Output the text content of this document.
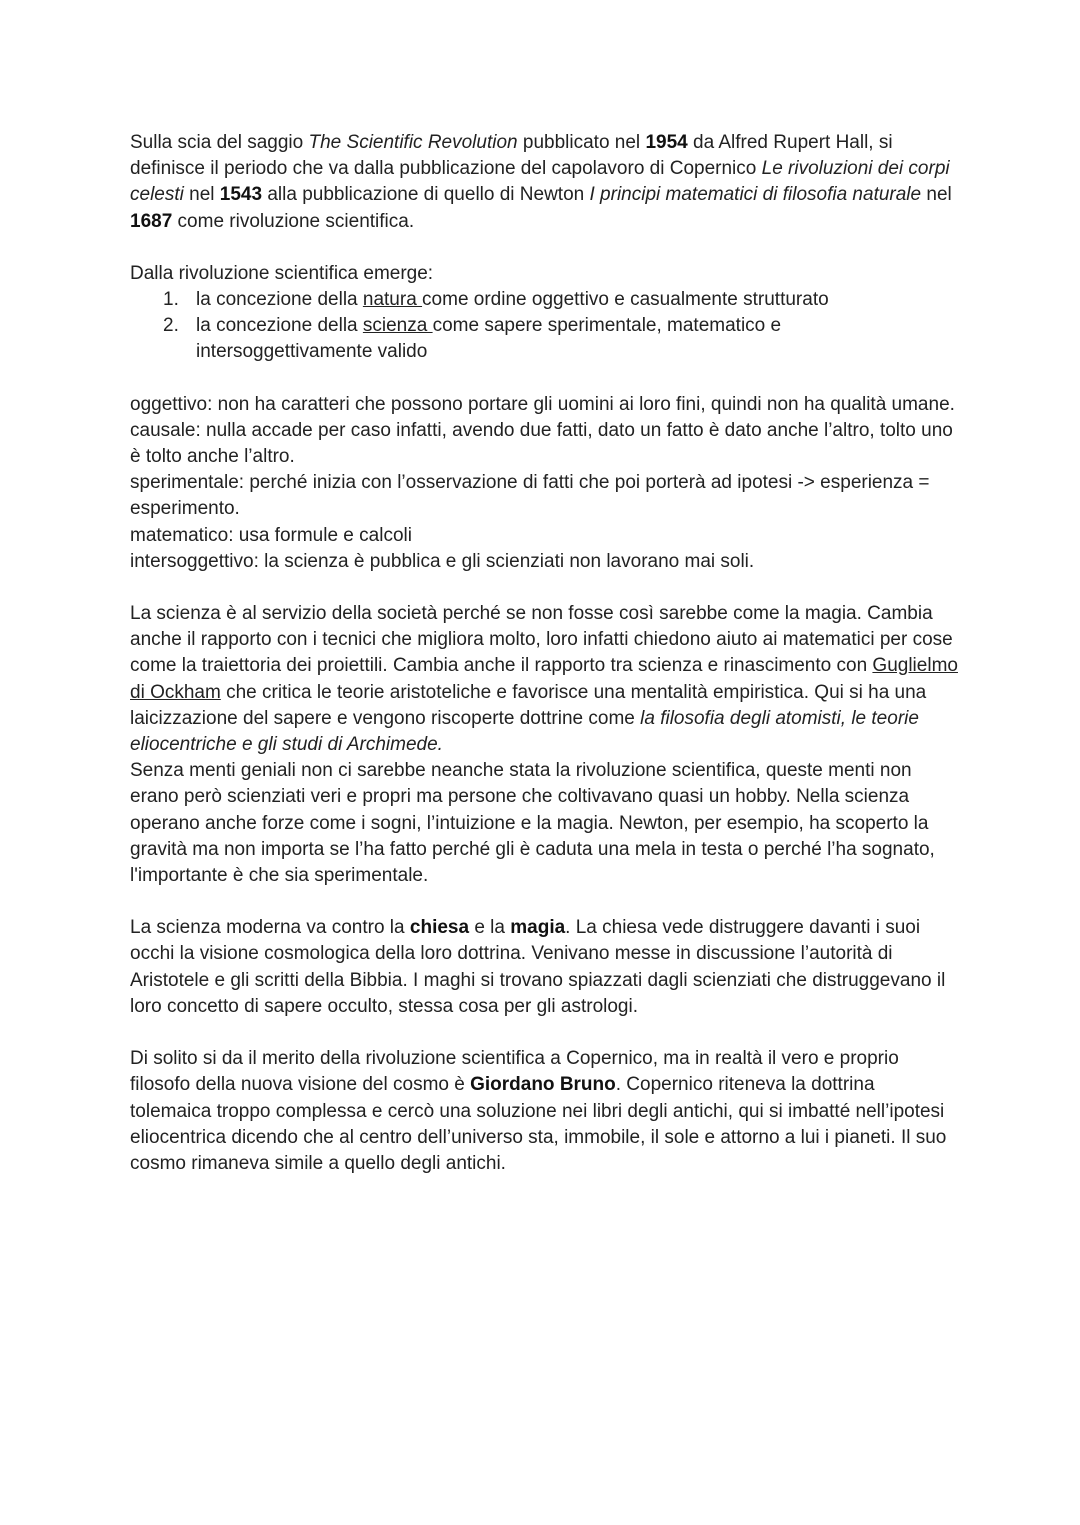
Sulla scia del saggio The Scientific Revolution pubblicato nel 1954 da Alfred Rupert Hall, si definisce il periodo che va dalla pubblicazione del capolavoro di Copernico Le rivoluzioni dei corpi celesti nel 1543 alla pubblicazione di quello di Newton I principi matematici di filosofia naturale nel 1687 come rivoluzione scientifica.

Dalla rivoluzione scientifica emerge:

1. la concezione della natura come ordine oggettivo e casualmente strutturato
2. la concezione della scienza come sapere sperimentale, matematico e intersoggettivamente valido

oggettivo: non ha caratteri che possono portare gli uomini ai loro fini, quindi non ha qualità umane.

causale: nulla accade per caso infatti, avendo due fatti, dato un fatto è dato anche l’altro, tolto uno è tolto anche l’altro.

sperimentale: perché inizia con l’osservazione di fatti che poi porterà ad ipotesi -> esperienza = esperimento.

matematico: usa formule e calcoli

intersoggettivo: la scienza è pubblica e gli scienziati non lavorano mai soli.

La scienza è al servizio della società perché se non fosse così sarebbe come la magia. Cambia anche il rapporto con i tecnici che migliora molto, loro infatti chiedono aiuto ai matematici per cose come la traiettoria dei proiettili. Cambia anche il rapporto tra scienza e rinascimento con Guglielmo di Ockham che critica le teorie aristoteliche e favorisce una mentalità empiristica. Qui si ha una laicizzazione del sapere e vengono riscoperte dottrine come la filosofia degli atomisti, le teorie eliocentriche e gli studi di Archimede.

Senza menti geniali non ci sarebbe neanche stata la rivoluzione scientifica, queste menti non erano però scienziati veri e propri ma persone che coltivavano quasi un hobby. Nella scienza operano anche forze come i sogni, l’intuizione e la magia. Newton, per esempio, ha scoperto la gravità ma non importa se l’ha fatto perché gli è caduta una mela in testa o perché l’ha sognato, l'importante è che sia sperimentale.

La scienza moderna va contro la chiesa e la magia. La chiesa vede distruggere davanti i suoi occhi la visione cosmologica della loro dottrina. Venivano messe in discussione l’autorità di Aristotele e gli scritti della Bibbia. I maghi si trovano spiazzati dagli scienziati che distruggevano il loro concetto di sapere occulto, stessa cosa per gli astrologi.

Di solito si da il merito della rivoluzione scientifica a Copernico, ma in realtà il vero e proprio filosofo della nuova visione del cosmo è Giordano Bruno. Copernico riteneva la dottrina tolemaica troppo complessa e cercò una soluzione nei libri degli antichi, qui si imbatté nell’ipotesi eliocentrica dicendo che al centro dell’universo sta, immobile, il sole e attorno a lui i pianeti. Il suo cosmo rimaneva simile a quello degli antichi.
